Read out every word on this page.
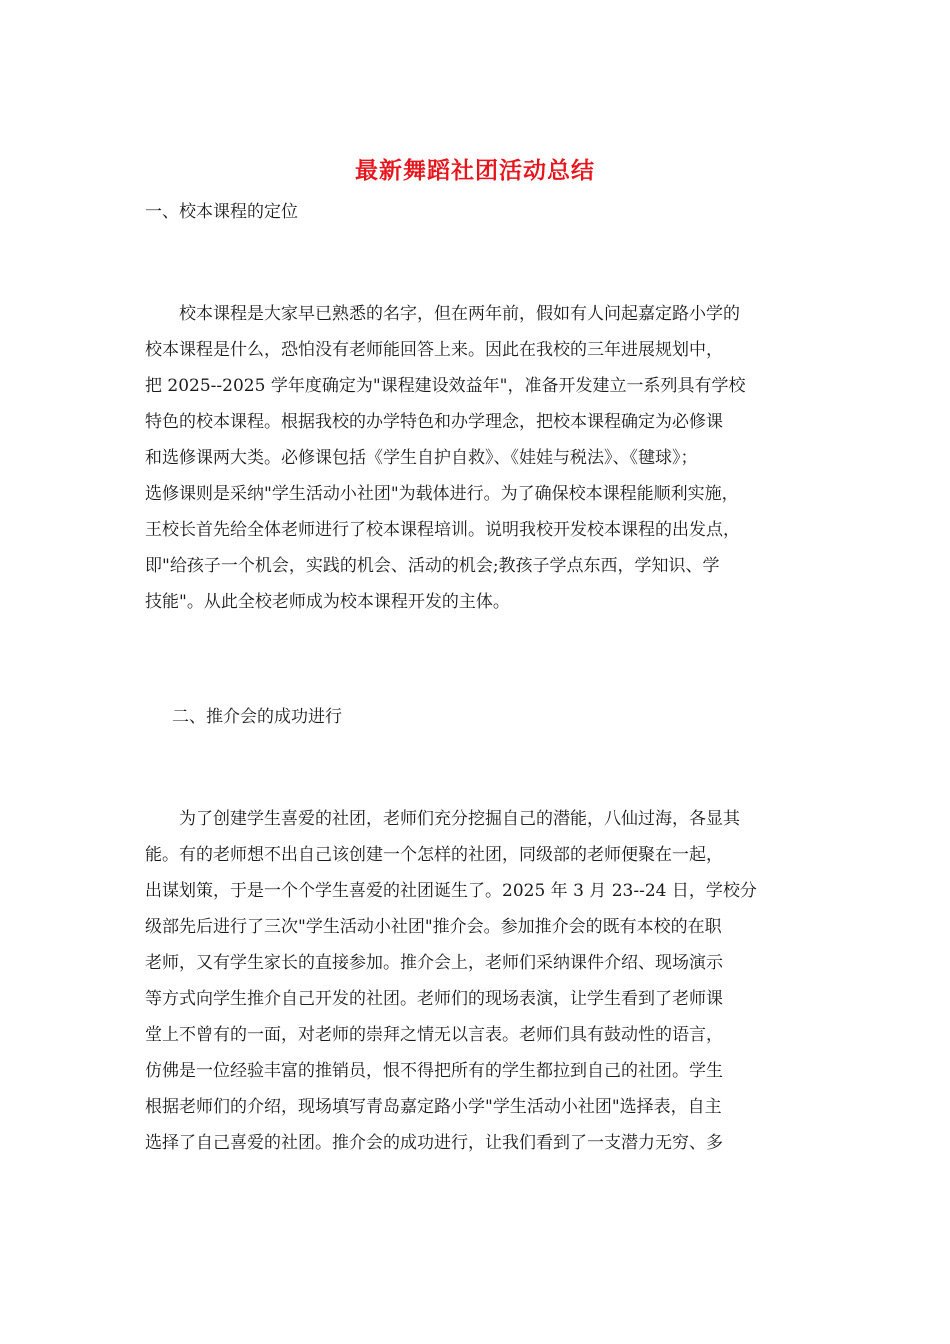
最新舞蹈社团活动总结
一、校本课程的定位

　　校本课程是大家早已熟悉的名字，但在两年前，假如有人问起嘉定路小学的
校本课程是什么，恐怕没有老师能回答上来。因此在我校的三年进展规划中，
把 2025--2025 学年度确定为"课程建设效益年"，准备开发建立一系列具有学校
特色的校本课程。根据我校的办学特色和办学理念，把校本课程确定为必修课
和选修课两大类。必修课包括《学生自护自救》、《娃娃与税法》、《毽球》；
选修课则是采纳"学生活动小社团"为载体进行。为了确保校本课程能顺利实施，
王校长首先给全体老师进行了校本课程培训。说明我校开发校本课程的出发点，
即"给孩子一个机会，实践的机会、活动的机会;教孩子学点东西，学知识、学
技能"。从此全校老师成为校本课程开发的主体。

二、推介会的成功进行

　　为了创建学生喜爱的社团，老师们充分挖掘自己的潜能，八仙过海，各显其
能。有的老师想不出自己该创建一个怎样的社团，同级部的老师便聚在一起，
出谋划策，于是一个个学生喜爱的社团诞生了。2025 年 3 月 23--24 日，学校分
级部先后进行了三次"学生活动小社团"推介会。参加推介会的既有本校的在职
老师，又有学生家长的直接参加。推介会上，老师们采纳课件介绍、现场演示
等方式向学生推介自己开发的社团。老师们的现场表演，让学生看到了老师课
堂上不曾有的一面，对老师的崇拜之情无以言表。老师们具有鼓动性的语言，
仿佛是一位经验丰富的推销员，恨不得把所有的学生都拉到自己的社团。学生
根据老师们的介绍，现场填写青岛嘉定路小学"学生活动小社团"选择表，自主
选择了自己喜爱的社团。推介会的成功进行，让我们看到了一支潜力无穷、多
